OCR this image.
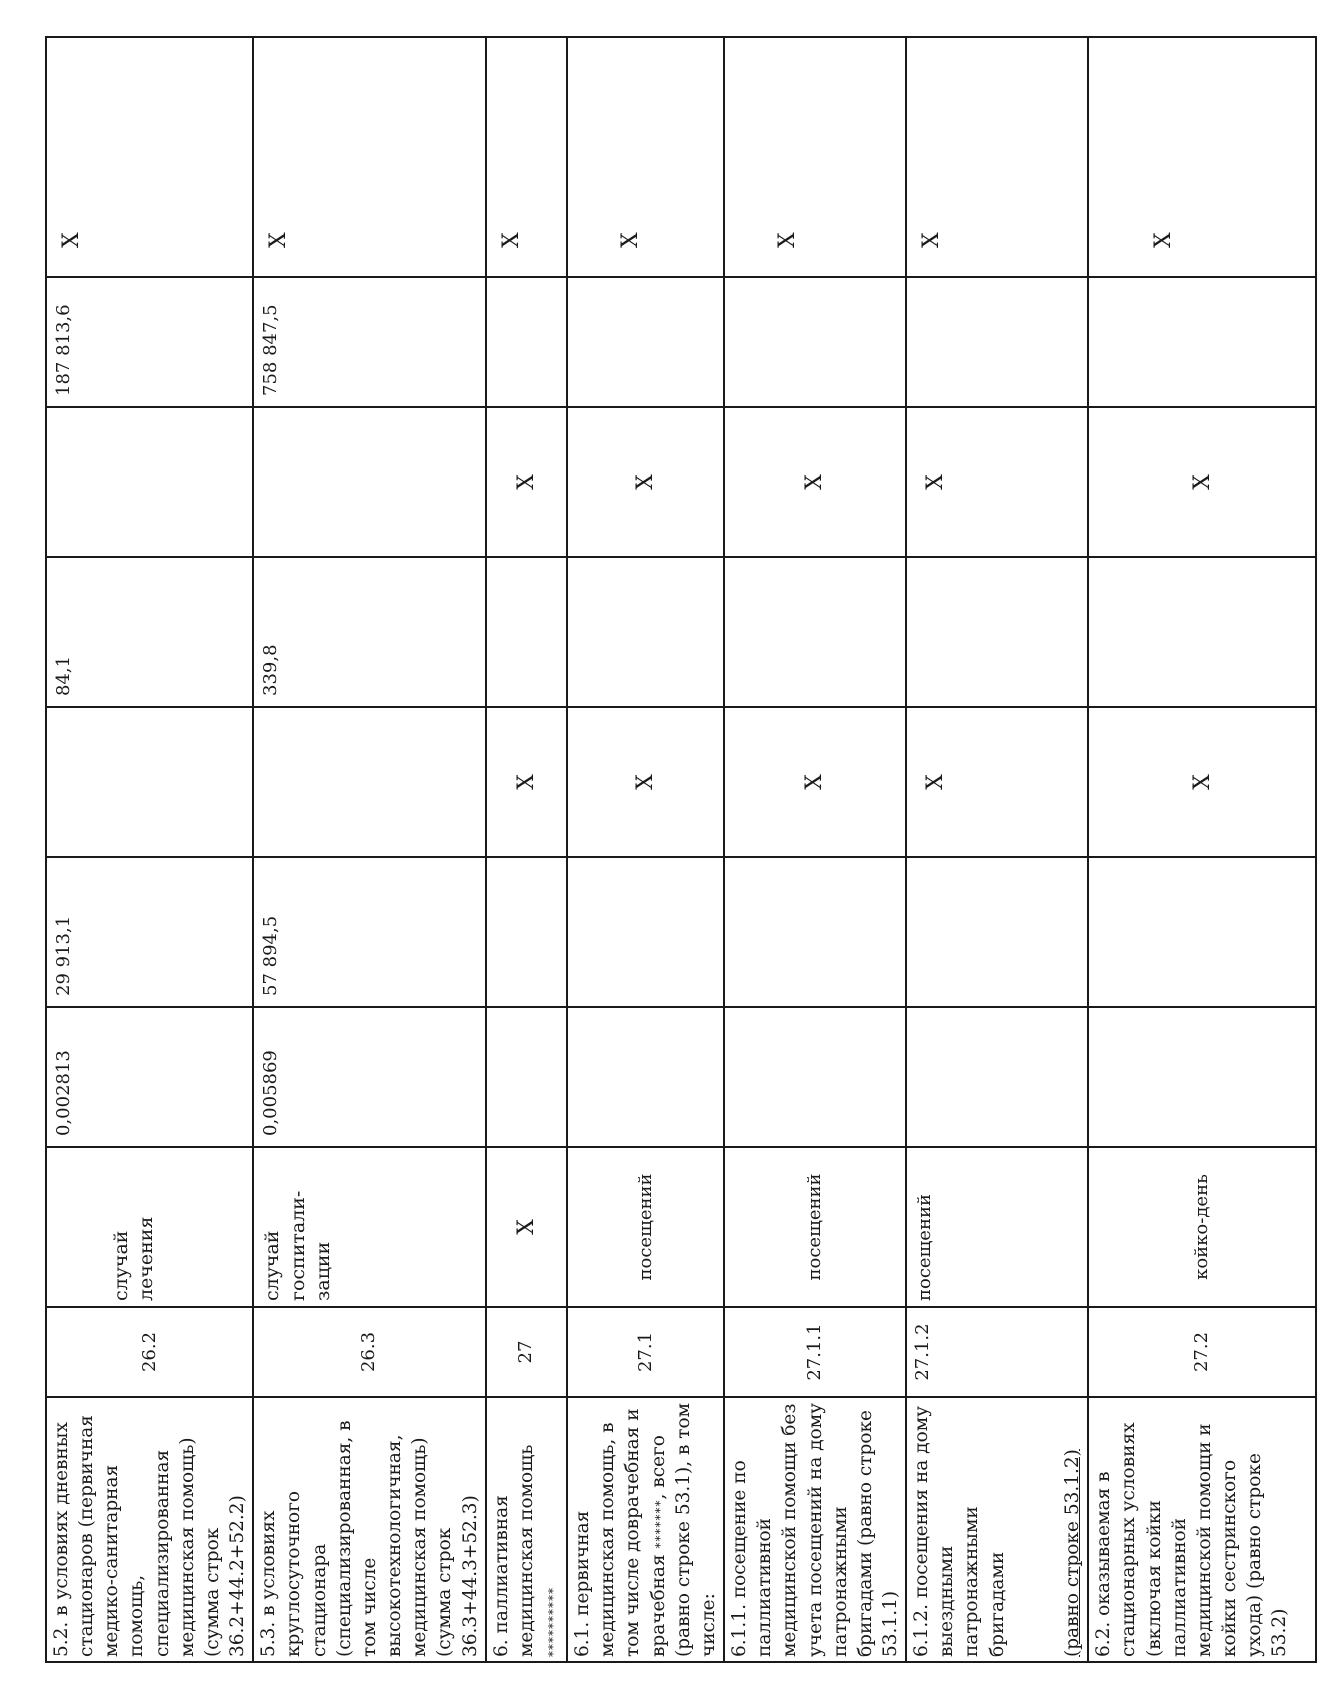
5.2. в условиях дневных стационаров (первичная медико-санитарная помощь, специализированная медицинская помощь) (сумма строк 36.2+44.2+52.2)	26.2	случай лечения	0,002813	29 913,1		84,1		187 813,6	Х
5.3. в условиях круглосуточного стационара (специализированная, в том числе высокотехнологичная, медицинская помощь)(сумма строк 36.3+44.3+52.3)	26.3	случай госпитали-зации	0,005869	57 894,5		339,8		758 847,5	Х
6. паллиативная медицинская помощь **********	27	Х			Х		Х		Х
6.1. первичная медицинская помощь, в том числе доврачебная и врачебная *******, всего (равно строке 53.1), в том числе:	27.1	посещений			Х		Х		Х
6.1.1. посещение по паллиативной медицинской помощи без учета посещений на дому патронажными бригадами (равно строке 53.1.1)	27.1.1	посещений			Х		Х		Х
6.1.2. посещения на дому выездными патронажными бригадами (равно строке 53.1.2)	27.1.2	посещений			Х		Х		Х
6.2. оказываемая в стационарных условиях (включая койки паллиативной медицинской помощи и койки сестринского ухода) (равно строке 53.2)	27.2	койко-день			Х		Х		Х
